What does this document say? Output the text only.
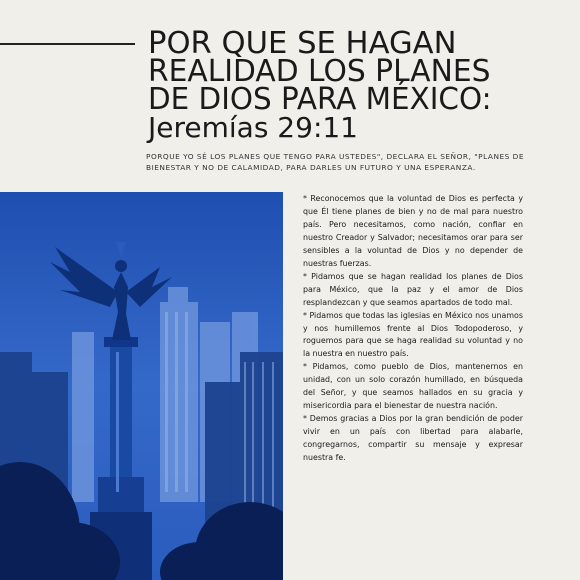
POR QUE SE HAGAN
REALIDAD LOS PLANES
DE DIOS PARA MÉXICO:
Jeremías 29:11

PORQUE YO SÉ LOS PLANES QUE TENGO PARA USTEDES", DECLARA EL SEÑOR, "PLANES DE BIENESTAR Y NO DE CALAMIDAD, PARA DARLES UN FUTURO Y UNA ESPERANZA.

* Reconocemos que la voluntad de Dios es perfecta y que Él tiene planes de bien y no de mal para nuestro país. Pero necesitamos, como nación, confiar en nuestro Creador y Salvador; necesitamos orar para ser sensibles a la voluntad de Dios y no depender de nuestras fuerzas.

* Pidamos que se hagan realidad los planes de Dios para México, que la paz y el amor de Dios resplandezcan y que seamos apartados de todo mal.

* Pidamos que todas las iglesias en México nos unamos y nos humillemos frente al Dios Todopoderoso, y roguemos para que se haga realidad su voluntad y no la nuestra en nuestro país.

* Pidamos, como pueblo de Dios, mantenernos en unidad, con un solo corazón humillado, en búsqueda del Señor, y que seamos hallados en su gracia y misericordia para el bienestar de nuestra nación.

* Demos gracias a Dios por la gran bendición de poder vivir en un país con libertad para alabarle, congregarnos, compartir su mensaje y expresar nuestra fe.
